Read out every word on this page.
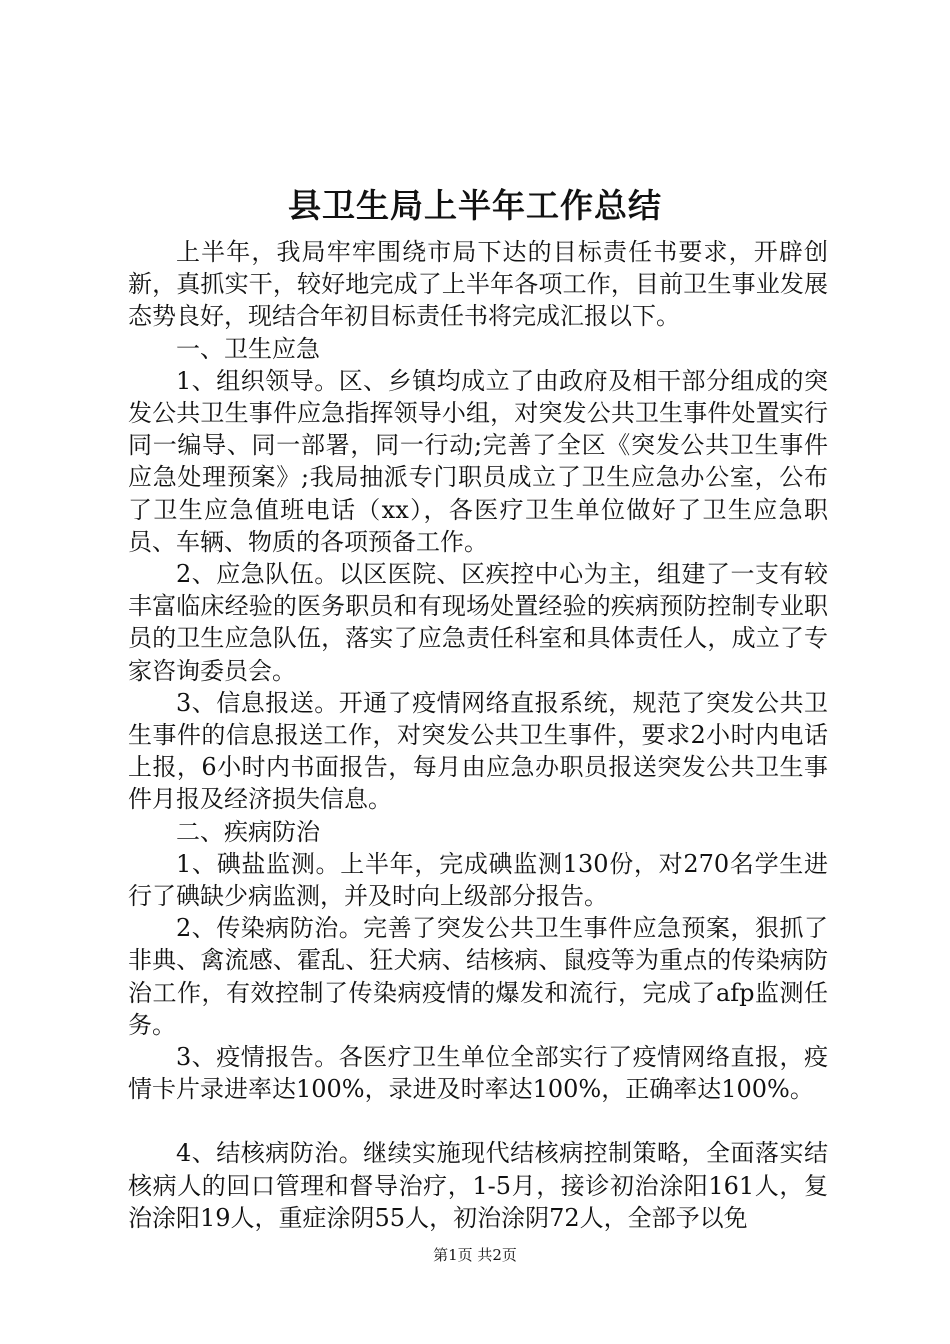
县卫生局上半年工作总结

上半年，我局牢牢围绕市局下达的目标责任书要求，开辟创新，真抓实干，较好地完成了上半年各项工作，目前卫生事业发展态势良好，现结合年初目标责任书将完成汇报以下。

一、卫生应急

1、组织领导。区、乡镇均成立了由政府及相干部分组成的突发公共卫生事件应急指挥领导小组，对突发公共卫生事件处置实行同一编导、同一部署，同一行动;完善了全区《突发公共卫生事件应急处理预案》;我局抽派专门职员成立了卫生应急办公室，公布了卫生应急值班电话（xx），各医疗卫生单位做好了卫生应急职员、车辆、物质的各项预备工作。

2、应急队伍。以区医院、区疾控中心为主，组建了一支有较丰富临床经验的医务职员和有现场处置经验的疾病预防控制专业职员的卫生应急队伍，落实了应急责任科室和具体责任人，成立了专家咨询委员会。

3、信息报送。开通了疫情网络直报系统，规范了突发公共卫生事件的信息报送工作，对突发公共卫生事件，要求2小时内电话上报，6小时内书面报告，每月由应急办职员报送突发公共卫生事件月报及经济损失信息。

二、疾病防治

1、碘盐监测。上半年，完成碘监测130份，对270名学生进行了碘缺少病监测，并及时向上级部分报告。

2、传染病防治。完善了突发公共卫生事件应急预案，狠抓了非典、禽流感、霍乱、狂犬病、结核病、鼠疫等为重点的传染病防治工作，有效控制了传染病疫情的爆发和流行，完成了afp监测任务。

3、疫情报告。各医疗卫生单位全部实行了疫情网络直报，疫情卡片录进率达100%，录进及时率达100%，正确率达100%。

4、结核病防治。继续实施现代结核病控制策略，全面落实结核病人的回口管理和督导治疗，1-5月，接诊初治涂阳161人，复治涂阳19人，重症涂阴55人，初治涂阴72人，全部予以免

第1页 共2页
